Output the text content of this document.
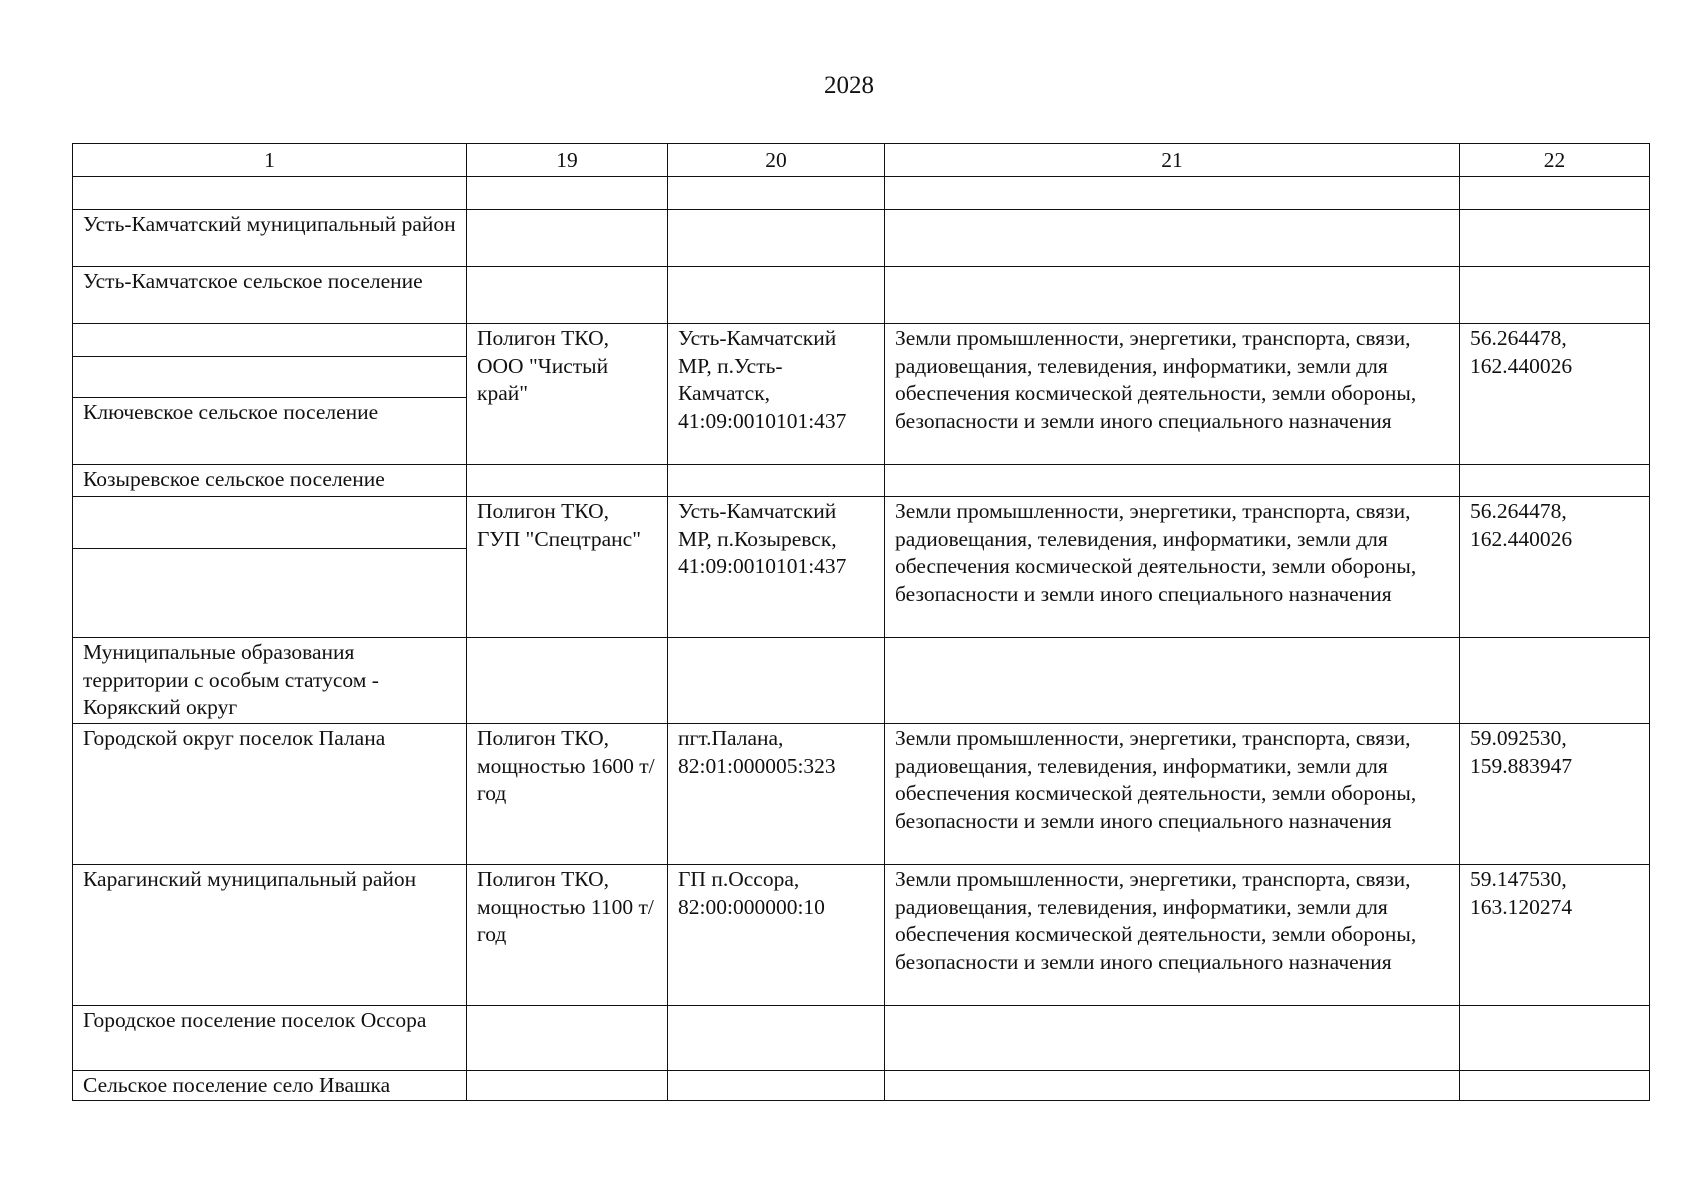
2028
1	19	20	21	22

Усть-Камчатский муниципальный район				
Усть-Камчатское сельское поселение				
	Полигон ТКО, ООО "Чистый край"	Усть-Камчатский МР, п.Усть-Камчатск, 41:09:0010101:437	Земли промышленности, энергетики, транспорта, связи, радиовещания, телевидения, информатики, земли для обеспечения космической деятельности, земли обороны, безопасности и земли иного специального назначения	56.264478, 162.440026

Ключевское сельское поселение				
Козыревское сельское поселение				
	Полигон ТКО, ГУП "Спецтранс"	Усть-Камчатский МР, п.Козыревск, 41:09:0010101:437	Земли промышленности, энергетики, транспорта, связи, радиовещания, телевидения, информатики, земли для обеспечения космической деятельности, земли обороны, безопасности и земли иного специального назначения	56.264478, 162.440026

Муниципальные образования территории с особым статусом - Корякский округ				
Городской округ поселок Палана	Полигон ТКО, мощностью 1600 т/год	пгт.Палана, 82:01:000005:323	Земли промышленности, энергетики, транспорта, связи, радиовещания, телевидения, информатики, земли для обеспечения космической деятельности, земли обороны, безопасности и земли иного специального назначения	59.092530, 159.883947
Карагинский муниципальный район	Полигон ТКО, мощностью 1100 т/год	ГП п.Оссора, 82:00:000000:10	Земли промышленности, энергетики, транспорта, связи, радиовещания, телевидения, информатики, земли для обеспечения космической деятельности, земли обороны, безопасности и земли иного специального назначения	59.147530, 163.120274
Городское поселение поселок Оссора				
Сельское поселение село Ивашка				
